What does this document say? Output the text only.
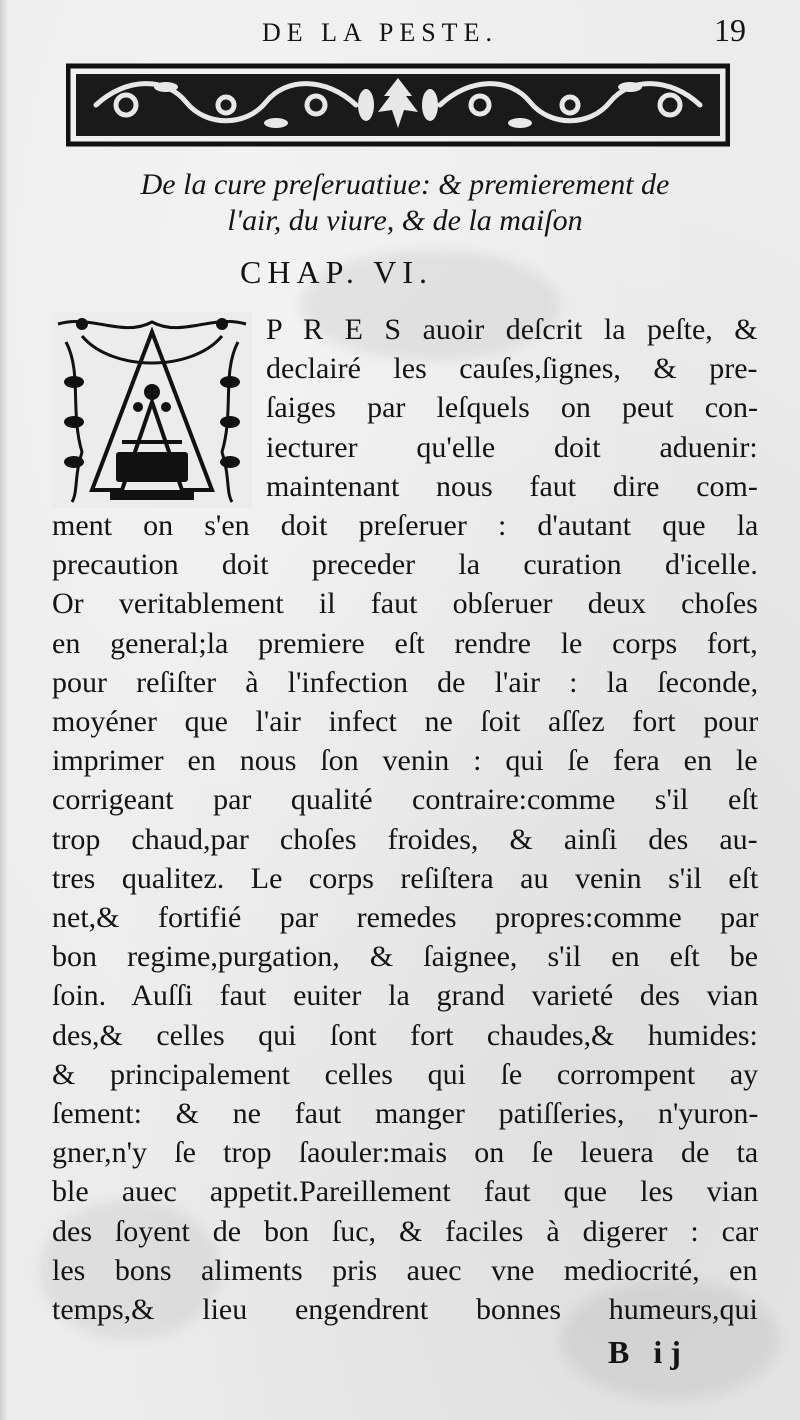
DE LA PESTE.	19
De la cure preſeruatiue: & premierement de
l'air, du viure, & de la maiſon
CHAP. VI.
P R E S auoir deſcrit la peſte, &
declairé les cauſes,ſignes, & pre-
ſaiges par leſquels on peut con-
iecturer qu'elle doit aduenir:
maintenant nous faut dire com-
ment on s'en doit preſeruer : d'autant que la
precaution doit preceder la curation d'icelle.
Or veritablement il faut obſeruer deux choſes
en general;la premiere eſt rendre le corps fort,
pour reſiſter à l'infection de l'air : la ſeconde,
moyéner que l'air infect ne ſoit aſſez fort pour
imprimer en nous ſon venin : qui ſe fera en le
corrigeant par qualité contraire:comme s'il eſt
trop chaud,par choſes froides, & ainſi des au-
tres qualitez. Le corps reſiſtera au venin s'il eſt
net,& fortifié par remedes propres:comme par
bon regime,purgation, & ſaignee, s'il en eſt be
ſoin. Auſſi faut euiter la grand varieté des vian
des,& celles qui ſont fort chaudes,& humides:
& principalement celles qui ſe corrompent ay
ſement: & ne faut manger patiſſeries, n'yuron-
gner,n'y ſe trop ſaouler:mais on ſe leuera de ta
ble auec appetit.Pareillement faut que les vian
des ſoyent de bon ſuc, & faciles à digerer : car
les bons aliments pris auec vne mediocrité, en
temps,& lieu engendrent bonnes humeurs,qui
B ij
